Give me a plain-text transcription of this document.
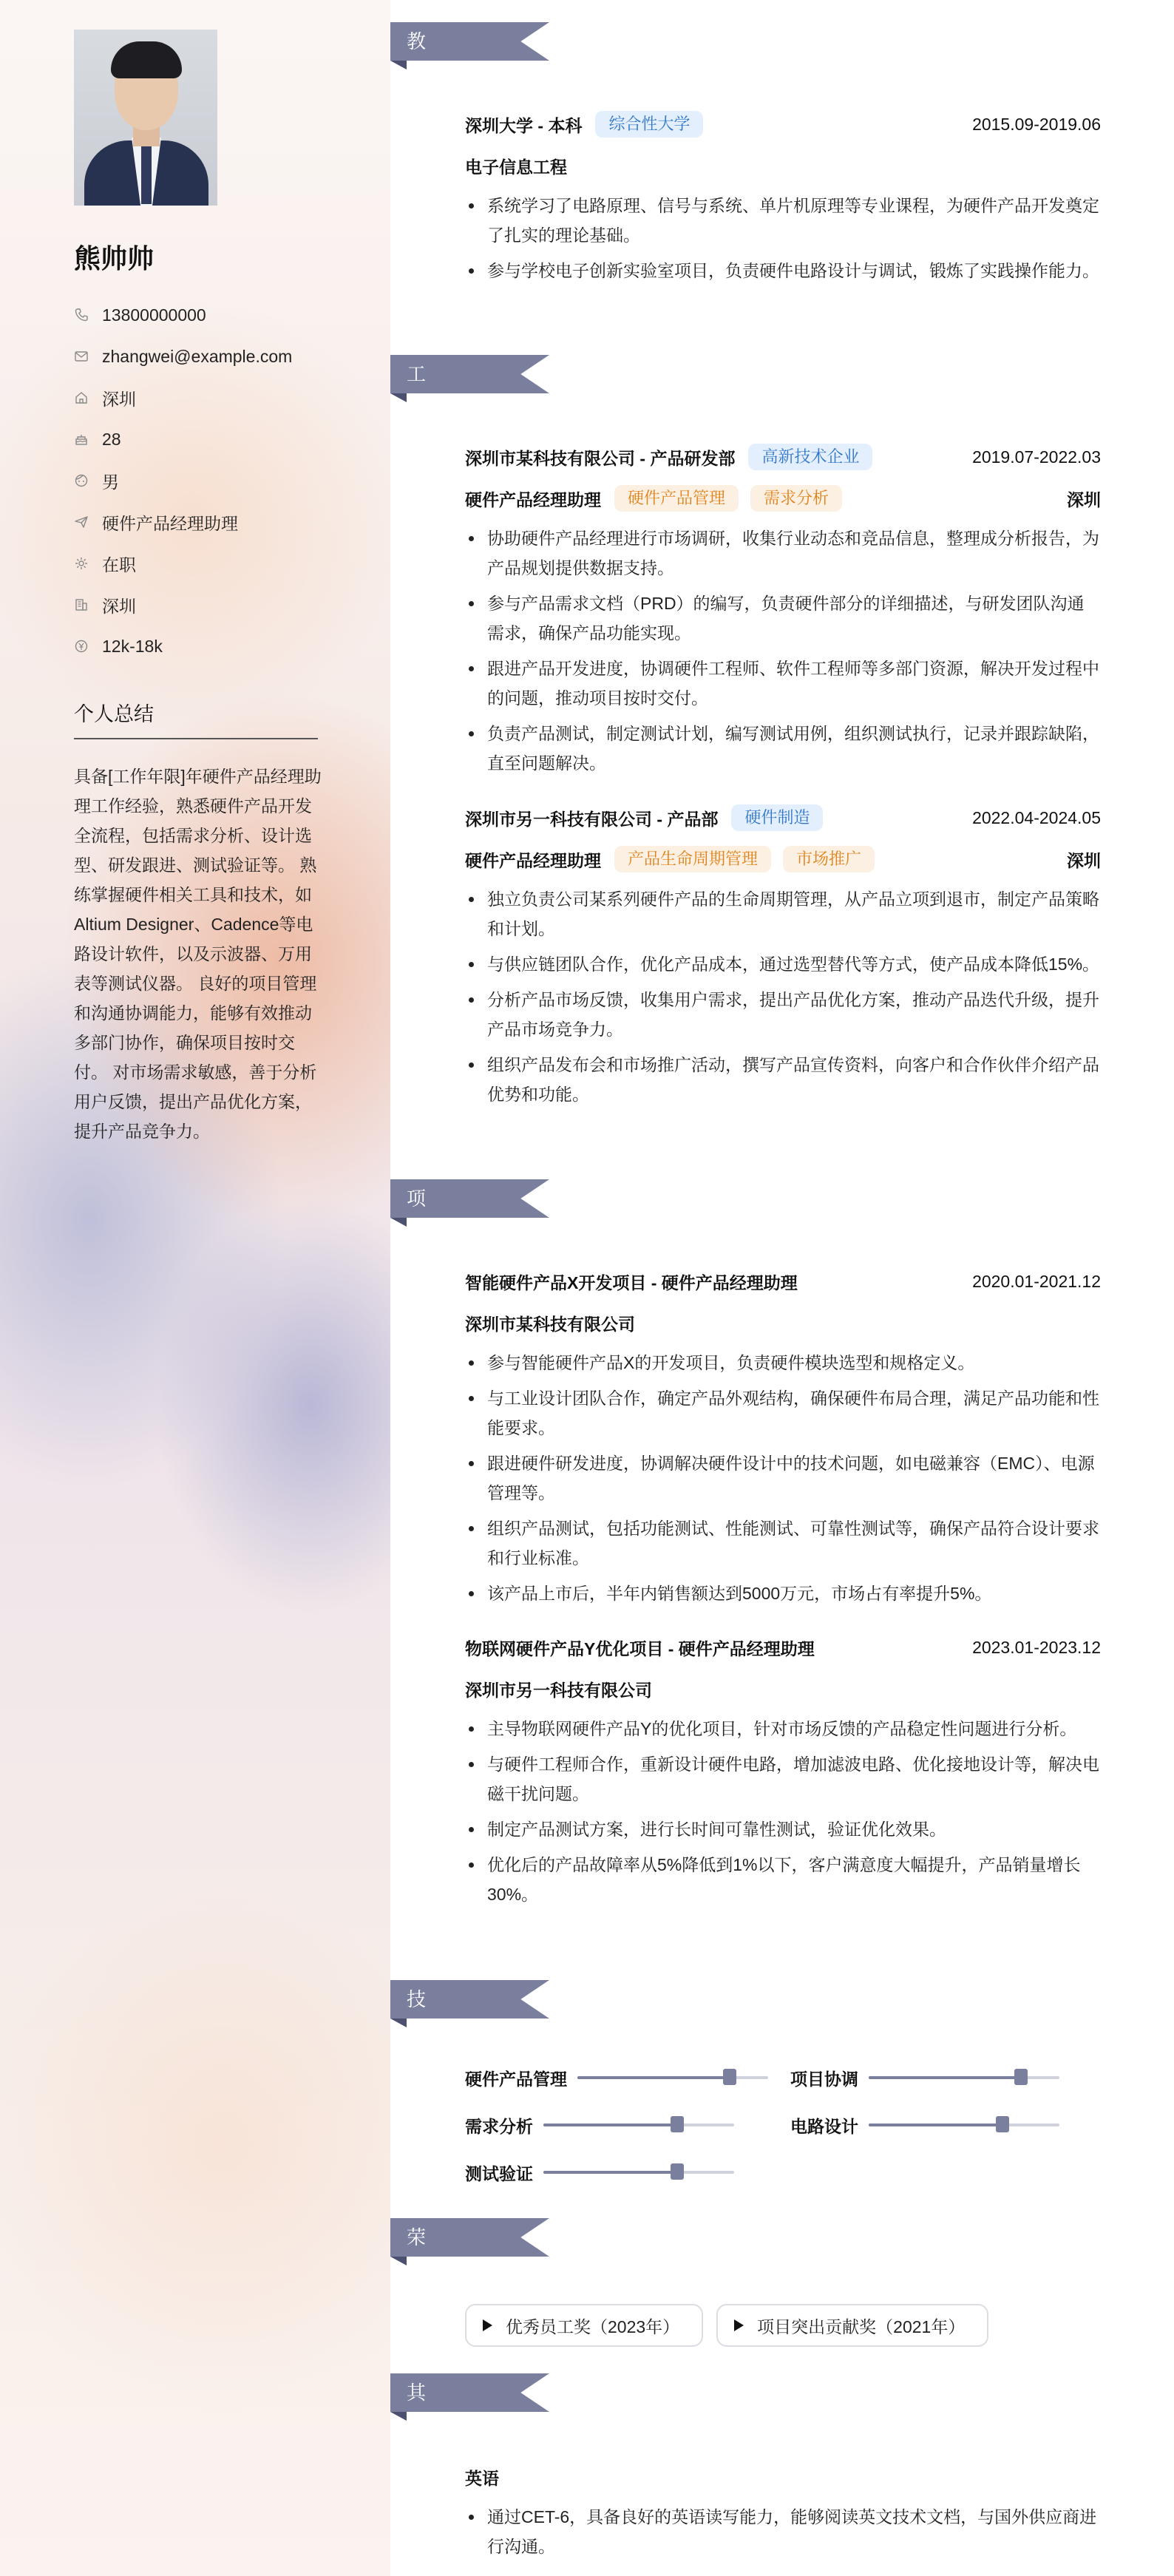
熊帅帅
13800000000
zhangwei@example.com
深圳
28
男
硬件产品经理助理
在职
深圳
12k-18k
个人总结
具备[工作年限]年硬件产品经理助理工作经验，熟悉硬件产品开发全流程，包括需求分析、设计选型、研发跟进、测试验证等。 熟练掌握硬件相关工具和技术，如Altium Designer、Cadence等电路设计软件，以及示波器、万用表等测试仪器。 良好的项目管理和沟通协调能力，能够有效推动多部门协作，确保项目按时交付。 对市场需求敏感，善于分析用户反馈，提出产品优化方案，提升产品竞争力。
教育经历
深圳大学 - 本科	综合性大学	2015.09-2019.06
电子信息工程
系统学习了电路原理、信号与系统、单片机原理等专业课程，为硬件产品开发奠定了扎实的理论基础。
参与学校电子创新实验室项目，负责硬件电路设计与调试，锻炼了实践操作能力。
工作经历
深圳市某科技有限公司 - 产品研发部	高新技术企业	2019.07-2022.03
硬件产品经理助理	硬件产品管理	需求分析	深圳
协助硬件产品经理进行市场调研，收集行业动态和竞品信息，整理成分析报告，为产品规划提供数据支持。
参与产品需求文档（PRD）的编写，负责硬件部分的详细描述，与研发团队沟通需求，确保产品功能实现。
跟进产品开发进度，协调硬件工程师、软件工程师等多部门资源，解决开发过程中的问题，推动项目按时交付。
负责产品测试，制定测试计划，编写测试用例，组织测试执行，记录并跟踪缺陷，直至问题解决。
深圳市另一科技有限公司 - 产品部	硬件制造	2022.04-2024.05
硬件产品经理助理	产品生命周期管理	市场推广	深圳
独立负责公司某系列硬件产品的生命周期管理，从产品立项到退市，制定产品策略和计划。
与供应链团队合作，优化产品成本，通过选型替代等方式，使产品成本降低15%。
分析产品市场反馈，收集用户需求，提出产品优化方案，推动产品迭代升级，提升产品市场竞争力。
组织产品发布会和市场推广活动，撰写产品宣传资料，向客户和合作伙伴介绍产品优势和功能。
项目经历
智能硬件产品X开发项目 - 硬件产品经理助理	2020.01-2021.12
深圳市某科技有限公司
参与智能硬件产品X的开发项目，负责硬件模块选型和规格定义。
与工业设计团队合作，确定产品外观结构，确保硬件布局合理，满足产品功能和性能要求。
跟进硬件研发进度，协调解决硬件设计中的技术问题，如电磁兼容（EMC）、电源管理等。
组织产品测试，包括功能测试、性能测试、可靠性测试等，确保产品符合设计要求和行业标准。
该产品上市后，半年内销售额达到5000万元，市场占有率提升5%。
物联网硬件产品Y优化项目 - 硬件产品经理助理	2023.01-2023.12
深圳市另一科技有限公司
主导物联网硬件产品Y的优化项目，针对市场反馈的产品稳定性问题进行分析。
与硬件工程师合作，重新设计硬件电路，增加滤波电路、优化接地设计等，解决电磁干扰问题。
制定产品测试方案，进行长时间可靠性测试，验证优化效果。
优化后的产品故障率从5%降低到1%以下，客户满意度大幅提升，产品销量增长30%。
技能专长
硬件产品管理	项目协调
需求分析	电路设计
测试验证
荣誉奖项
优秀员工奖（2023年）	项目突出贡献奖（2021年）
其他信息
英语
通过CET-6，具备良好的英语读写能力，能够阅读英文技术文档，与国外供应商进行沟通。
